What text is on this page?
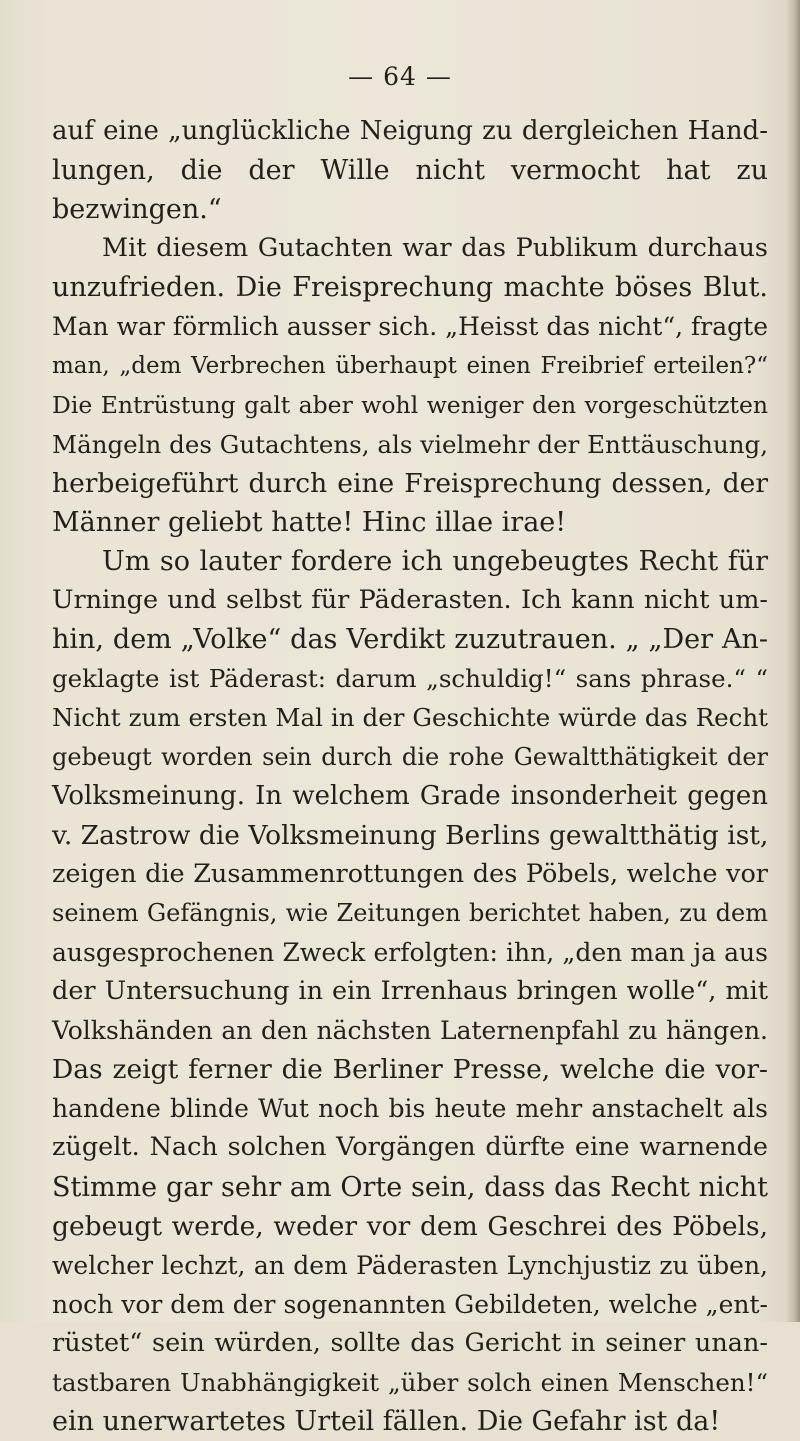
— 64 —
auf eine „unglückliche Neigung zu dergleichen Hand-
lungen, die der Wille nicht vermocht hat zu
bezwingen.“
Mit diesem Gutachten war das Publikum durchaus
unzufrieden. Die Freisprechung machte böses Blut.
Man war förmlich ausser sich. „Heisst das nicht“, fragte
man, „dem Verbrechen überhaupt einen Freibrief erteilen?“
Die Entrüstung galt aber wohl weniger den vorgeschützten
Mängeln des Gutachtens, als vielmehr der Enttäuschung,
herbeigeführt durch eine Freisprechung dessen, der
Männer geliebt hatte! Hinc illae irae!
Um so lauter fordere ich ungebeugtes Recht für
Urninge und selbst für Päderasten. Ich kann nicht um-
hin, dem „Volke“ das Verdikt zuzutrauen. „ „Der An-
geklagte ist Päderast: darum „schuldig!“ sans phrase.“ “
Nicht zum ersten Mal in der Geschichte würde das Recht
gebeugt worden sein durch die rohe Gewaltthätigkeit der
Volksmeinung. In welchem Grade insonderheit gegen
v. Zastrow die Volksmeinung Berlins gewaltthätig ist,
zeigen die Zusammenrottungen des Pöbels, welche vor
seinem Gefängnis, wie Zeitungen berichtet haben, zu dem
ausgesprochenen Zweck erfolgten: ihn, „den man ja aus
der Untersuchung in ein Irrenhaus bringen wolle“, mit
Volkshänden an den nächsten Laternenpfahl zu hängen.
Das zeigt ferner die Berliner Presse, welche die vor-
handene blinde Wut noch bis heute mehr anstachelt als
zügelt. Nach solchen Vorgängen dürfte eine warnende
Stimme gar sehr am Orte sein, dass das Recht nicht
gebeugt werde, weder vor dem Geschrei des Pöbels,
welcher lechzt, an dem Päderasten Lynchjustiz zu üben,
noch vor dem der sogenannten Gebildeten, welche „ent-
rüstet“ sein würden, sollte das Gericht in seiner unan-
tastbaren Unabhängigkeit „über solch einen Menschen!“
ein unerwartetes Urteil fällen. Die Gefahr ist da!
